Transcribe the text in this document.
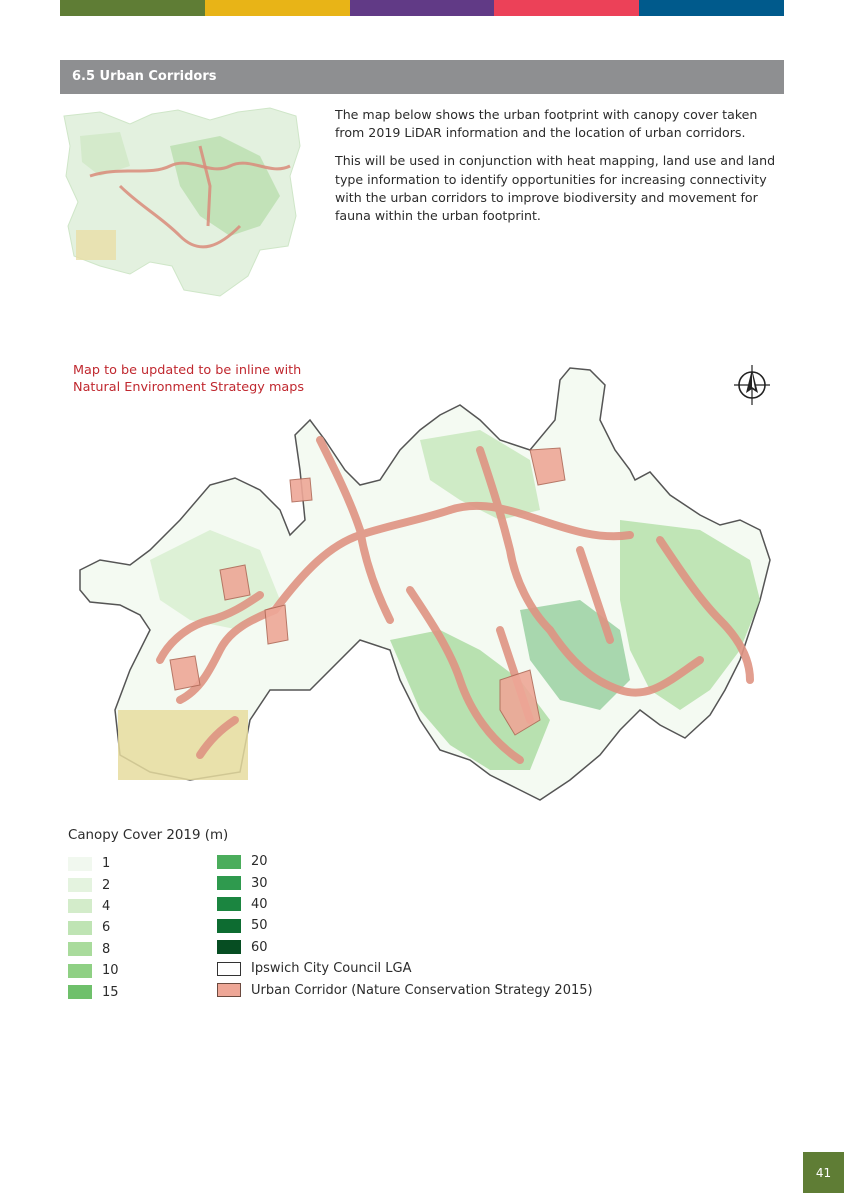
6.5 Urban Corridors

The map below shows the urban footprint with canopy cover taken from 2019 LiDAR information and the location of urban corridors.

This will be used in conjunction with heat mapping, land use and land type information to identify opportunities for increasing connectivity with the urban corridors to improve biodiversity and movement for fauna within the urban footprint.

Map to be updated to be inline with Natural Environment Strategy maps
Canopy Cover 2019 (m)
1
2
4
6
8
10
15
20
30
40
50
60
Ipswich City Council LGA
Urban Corridor (Nature Conservation Strategy 2015)
41
